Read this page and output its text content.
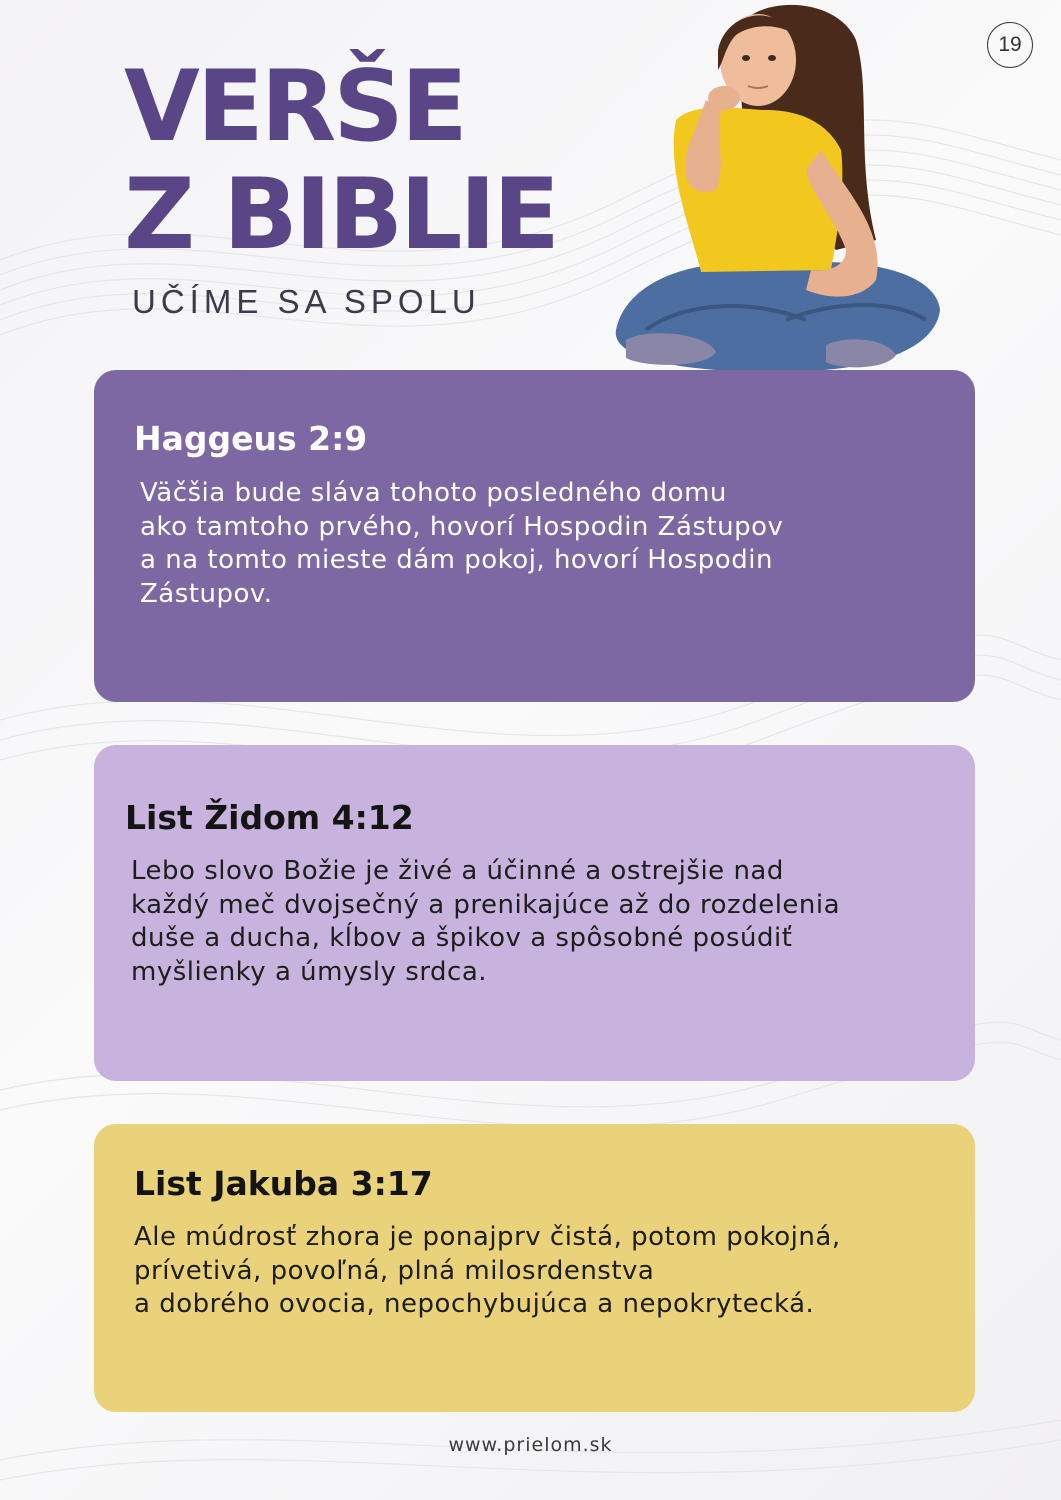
VERŠE
Z BIBLIE
UČÍME SA SPOLU
19
Haggeus 2:9
Väčšia bude sláva tohoto posledného domu
ako tamtoho prvého, hovorí Hospodin Zástupov
a na tomto mieste dám pokoj, hovorí Hospodin
Zástupov.
List Židom 4:12
Lebo slovo Božie je živé a účinné a ostrejšie nad
každý meč dvojsečný a prenikajúce až do rozdelenia
duše a ducha, kĺbov a špikov a spôsobné posúdiť
myšlienky a úmysly srdca.
List Jakuba 3:17
Ale múdrosť zhora je ponajprv čistá, potom pokojná,
prívetivá, povoľná, plná milosrdenstva
a dobrého ovocia, nepochybujúca a nepokrytecká.
www.prielom.sk
